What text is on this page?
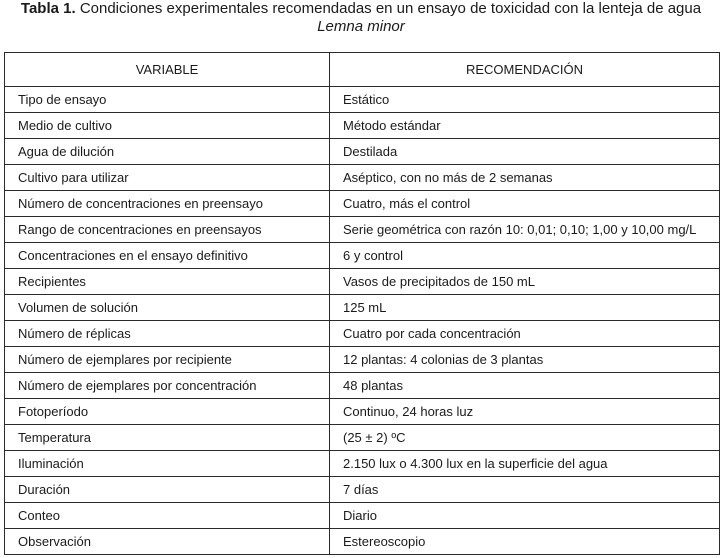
Tabla 1. Condiciones experimentales recomendadas en un ensayo de toxicidad con la lenteja de agua
Lemna minor

VARIABLE	RECOMENDACIÓN
Tipo de ensayo	Estático
Medio de cultivo	Método estándar
Agua de dilución	Destilada
Cultivo para utilizar	Aséptico, con no más de 2 semanas
Número de concentraciones en preensayo	Cuatro, más el control
Rango de concentraciones en preensayos	Serie geométrica con razón 10: 0,01; 0,10; 1,00 y 10,00 mg/L
Concentraciones en el ensayo definitivo	6 y control
Recipientes	Vasos de precipitados de 150 mL
Volumen de solución	125 mL
Número de réplicas	Cuatro por cada concentración
Número de ejemplares por recipiente	12 plantas: 4 colonias de 3 plantas
Número de ejemplares por concentración	48 plantas
Fotoperíodo	Continuo, 24 horas luz
Temperatura	(25 ± 2) ºC
Iluminación	2.150 lux o 4.300 lux en la superficie del agua
Duración	7 días
Conteo	Diario
Observación	Estereoscopio
